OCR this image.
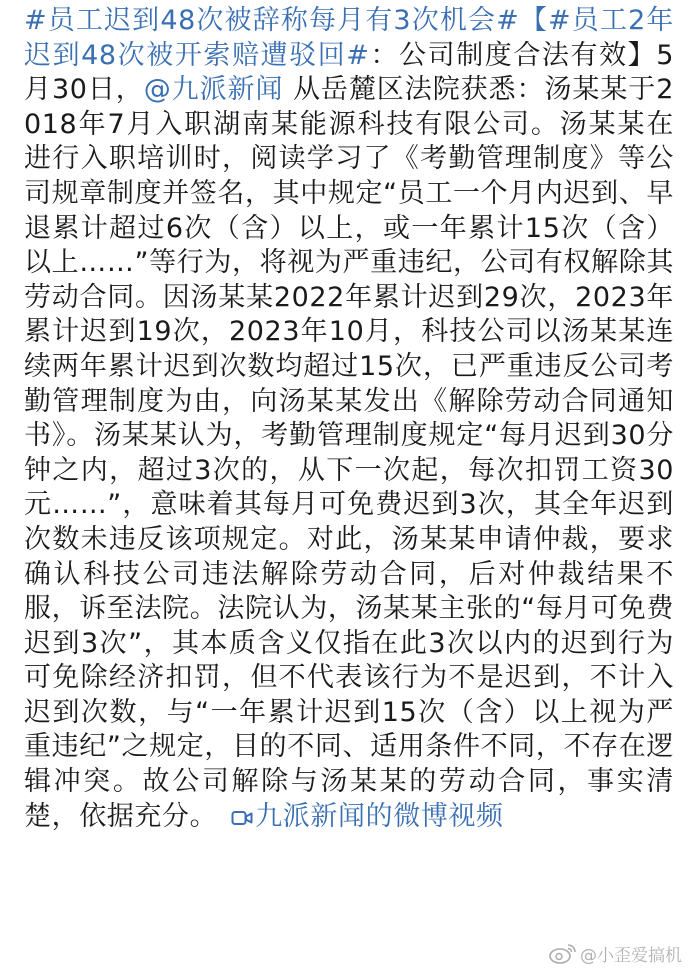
#员工迟到48次被辞称每月有3次机会#【#员工2年迟到48次被开索赔遭驳回#：公司制度合法有效】5月30日，@九派新闻 从岳麓区法院获悉：汤某某于2018年7月入职湖南某能源科技有限公司。汤某某在进行入职培训时，阅读学习了《考勤管理制度》等公司规章制度并签名，其中规定“员工一个月内迟到、早退累计超过6次（含）以上，或一年累计15次（含）以上……”等行为，将视为严重违纪，公司有权解除其劳动合同。因汤某某2022年累计迟到29次，2023年累计迟到19次，2023年10月，科技公司以汤某某连续两年累计迟到次数均超过15次，已严重违反公司考勤管理制度为由，向汤某某发出《解除劳动合同通知书》。汤某某认为，考勤管理制度规定“每月迟到30分钟之内，超过3次的，从下一次起，每次扣罚工资30元……”，意味着其每月可免费迟到3次，其全年迟到次数未违反该项规定。对此，汤某某申请仲裁，要求确认科技公司违法解除劳动合同，后对仲裁结果不服，诉至法院。法院认为，汤某某主张的“每月可免费迟到3次”，其本质含义仅指在此3次以内的迟到行为可免除经济扣罚，但不代表该行为不是迟到，不计入迟到次数，与“一年累计迟到15次（含）以上视为严重违纪”之规定，目的不同、适用条件不同，不存在逻辑冲突。故公司解除与汤某某的劳动合同，事实清楚，依据充分。 九派新闻的微博视频
@小歪爱搞机
